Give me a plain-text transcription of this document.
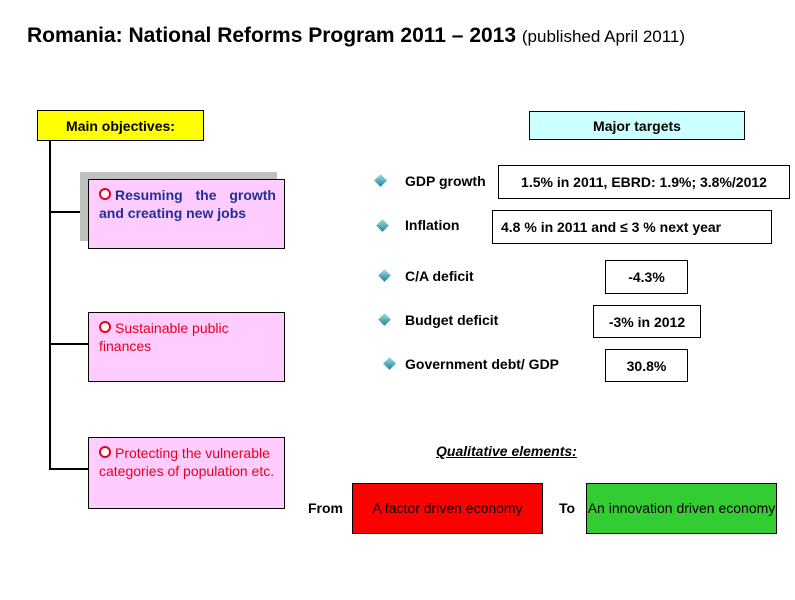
Romania: National Reforms Program 2011 – 2013 (published April 2011)
Main objectives:
Resuming the growth and creating new jobs
Sustainable public finances
Protecting the vulnerable categories of population etc.
Major targets
GDP growth	1.5% in 2011, EBRD: 1.9%; 3.8%/2012
Inflation	4.8 % in 2011 and ≤ 3 % next year
C/A deficit	-4.3%
Budget deficit	-3% in 2012
Government debt/ GDP	30.8%
Qualitative elements:
From	A factor driven economy	To An innovation driven economy
